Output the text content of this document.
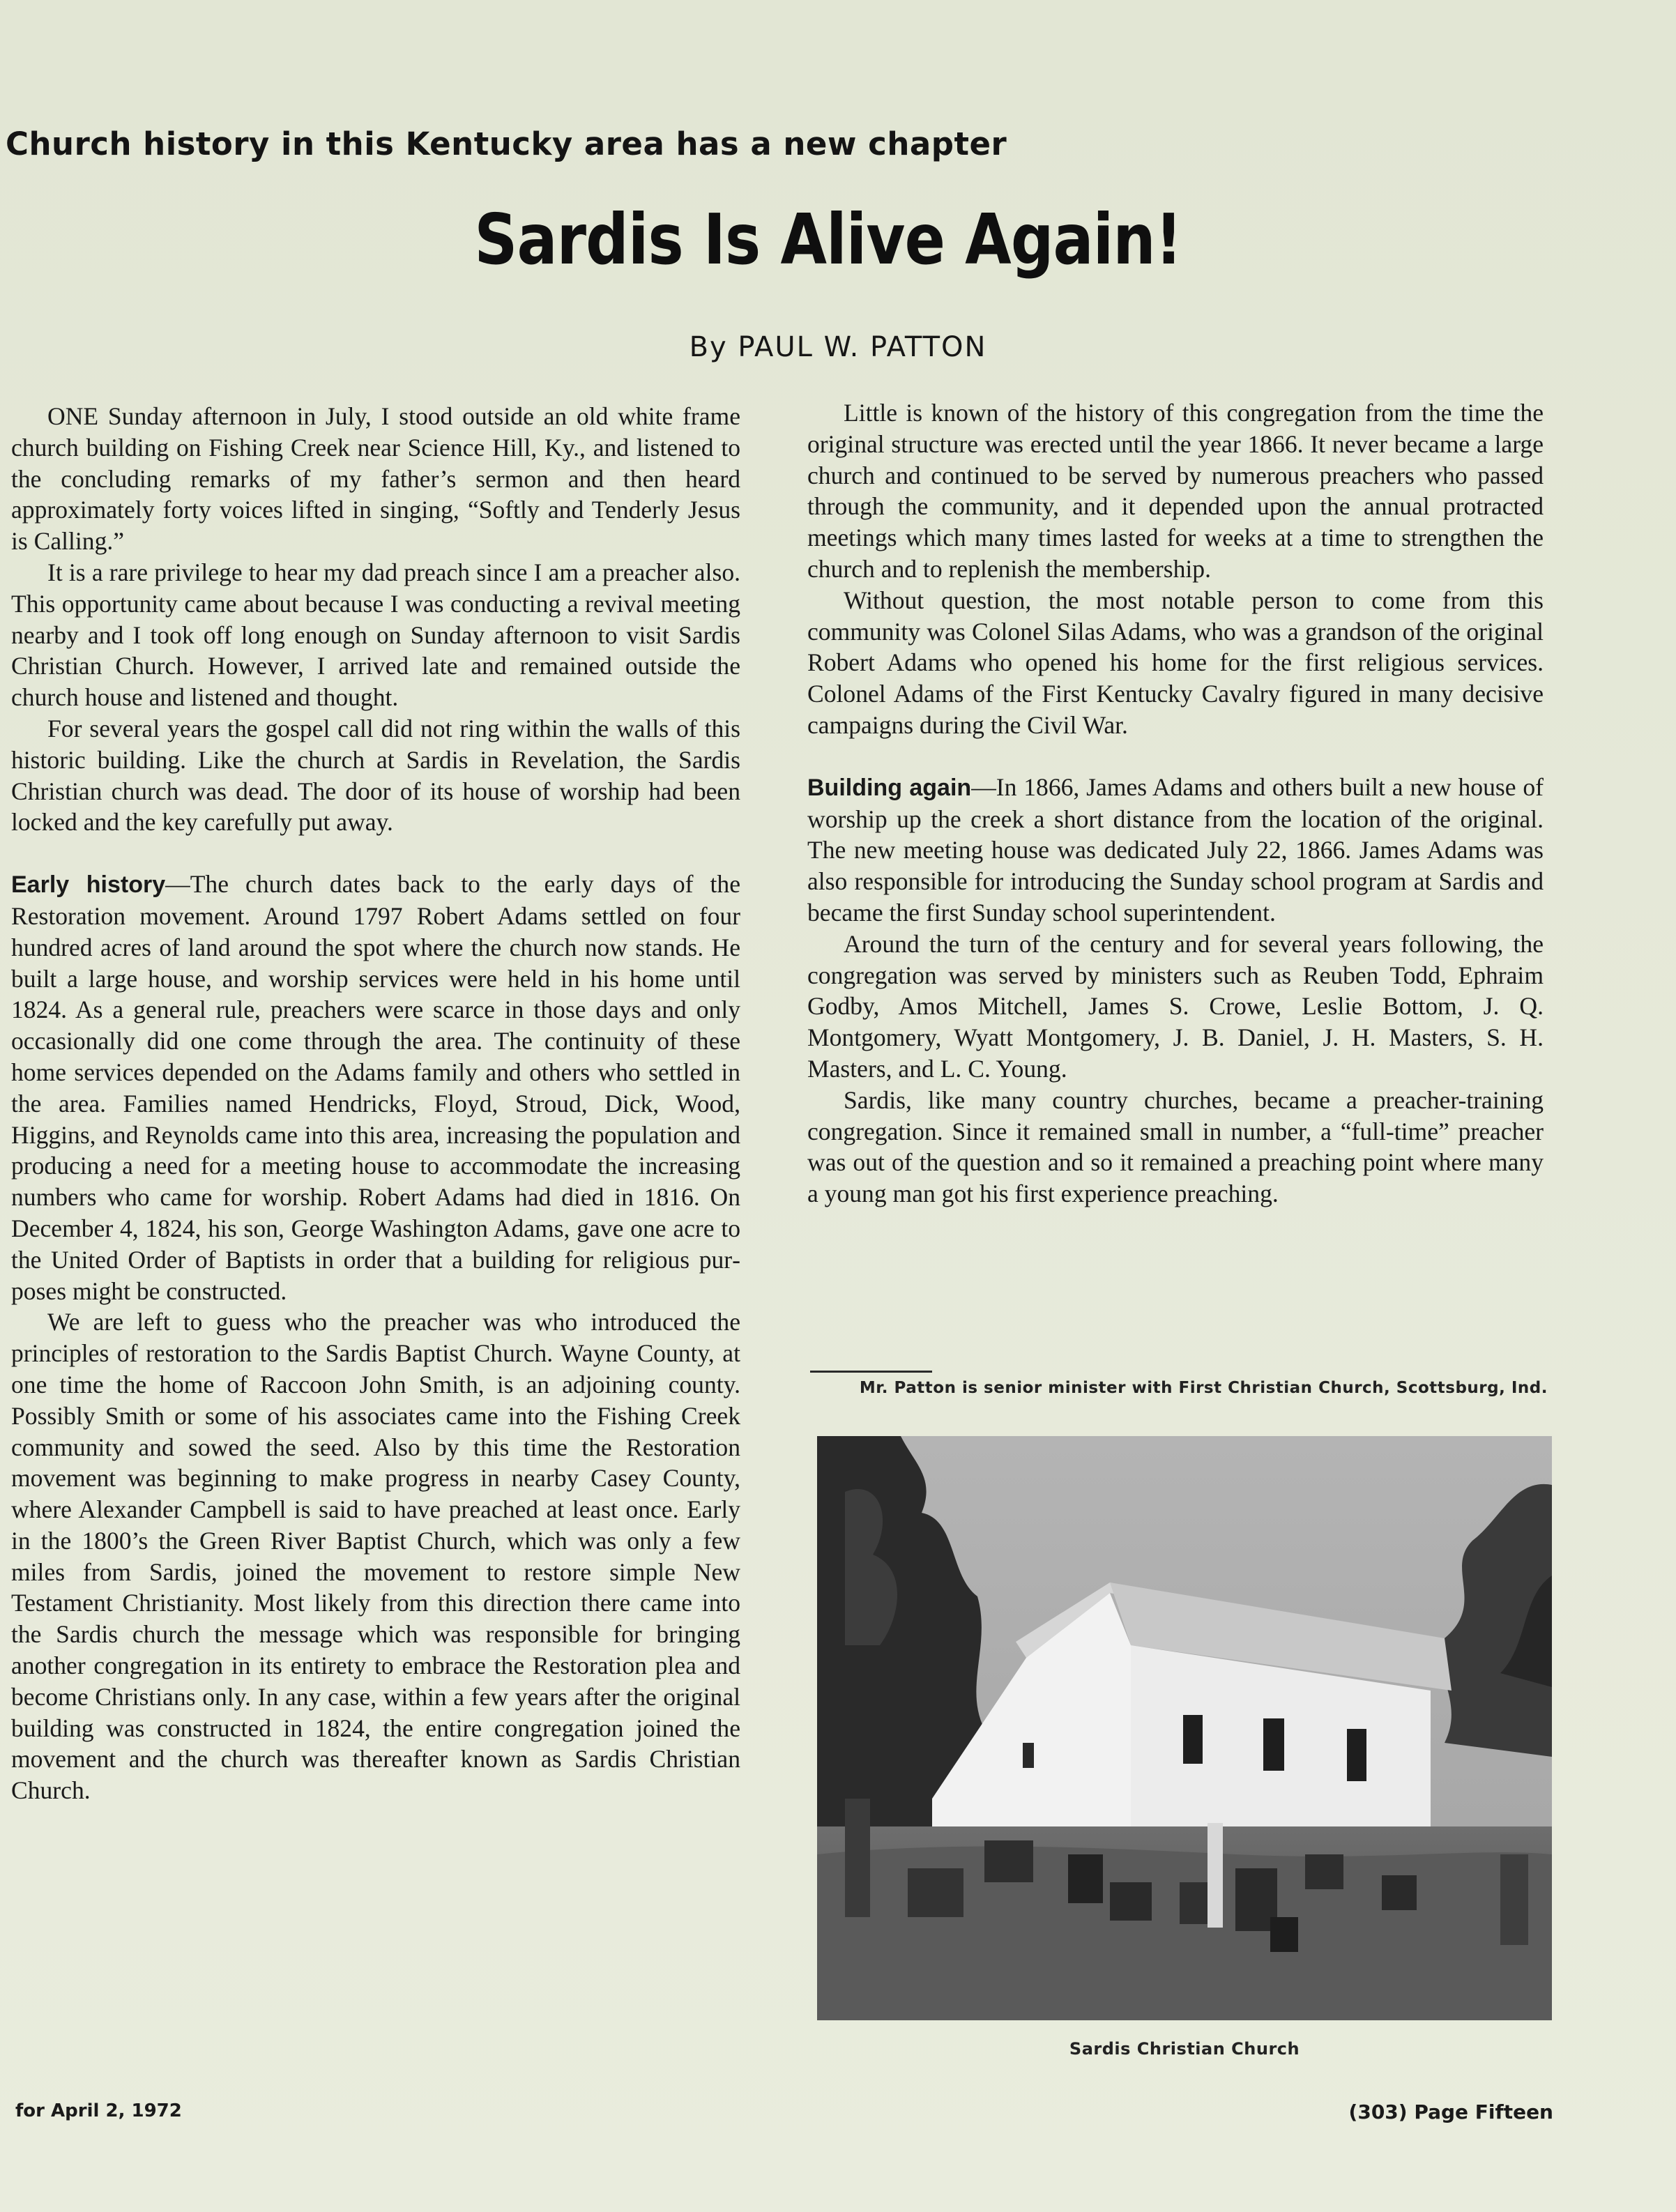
Church history in this Kentucky area has a new chapter
Sardis Is Alive Again!
By PAUL W. PATTON

ONE Sunday afternoon in July, I stood outside an old white frame church building on Fishing Creek near Science Hill, Ky., and listened to the concluding remarks of my father’s sermon and then heard approximately forty voices lifted in singing, “Softly and Tenderly Jesus is Calling.”

It is a rare privilege to hear my dad preach since I am a preacher also. This opportunity came about because I was conducting a revival meeting nearby and I took off long enough on Sunday afternoon to visit Sardis Christian Church. However, I arrived late and remained outside the church house and listened and thought.

For several years the gospel call did not ring within the walls of this historic building. Like the church at Sardis in Revelation, the Sardis Christian church was dead. The door of its house of worship had been locked and the key carefully put away.

Early history—The church dates back to the early days of the Restoration movement. Around 1797 Robert Adams settled on four hundred acres of land around the spot where the church now stands. He built a large house, and worship services were held in his home until 1824. As a general rule, preachers were scarce in those days and only occasionally did one come through the area. The continuity of these home services depended on the Adams family and others who settled in the area. Families named Hendricks, Floyd, Stroud, Dick, Wood, Higgins, and Reynolds came into this area, increasing the population and producing a need for a meeting house to accommodate the increasing numbers who came for worship. Robert Adams had died in 1816. On December 4, 1824, his son, George Washington Adams, gave one acre to the United Order of Baptists in order that a building for religious purposes might be constructed.

We are left to guess who the preacher was who introduced the principles of restoration to the Sardis Baptist Church. Wayne County, at one time the home of Raccoon John Smith, is an adjoining county. Possibly Smith or some of his associates came into the Fishing Creek community and sowed the seed. Also by this time the Restoration movement was beginning to make progress in nearby Casey County, where Alexander Campbell is said to have preached at least once. Early in the 1800’s the Green River Baptist Church, which was only a few miles from Sardis, joined the movement to restore simple New Testament Christianity. Most likely from this direction there came into the Sardis church the message which was responsible for bringing another congregation in its entirety to embrace the Restoration plea and become Christians only. In any case, within a few years after the original building was constructed in 1824, the entire congregation joined the movement and the church was thereafter known as Sardis Christian Church.

Little is known of the history of this congregation from the time the original structure was erected until the year 1866. It never became a large church and continued to be served by numerous preachers who passed through the community, and it depended upon the annual protracted meetings which many times lasted for weeks at a time to strengthen the church and to replenish the membership.

Without question, the most notable person to come from this community was Colonel Silas Adams, who was a grandson of the original Robert Adams who opened his home for the first religious services. Colonel Adams of the First Kentucky Cavalry figured in many decisive campaigns during the Civil War.

Building again—In 1866, James Adams and others built a new house of worship up the creek a short distance from the location of the original. The new meeting house was dedicated July 22, 1866. James Adams was also responsible for introducing the Sunday school program at Sardis and became the first Sunday school superintendent.

Around the turn of the century and for several years following, the congregation was served by ministers such as Reuben Todd, Ephraim Godby, Amos Mitchell, James S. Crowe, Leslie Bottom, J. Q. Montgomery, Wyatt Montgomery, J. B. Daniel, J. H. Masters, S. H. Masters, and L. C. Young.

Sardis, like many country churches, became a preacher-training congregation. Since it remained small in number, a “full-time” preacher was out of the question and so it remained a preaching point where many a young man got his first experience preaching.

Mr. Patton is senior minister with First Christian Church, Scottsburg, Ind.
Sardis Christian Church
for April 2, 1972	(303) Page Fifteen
